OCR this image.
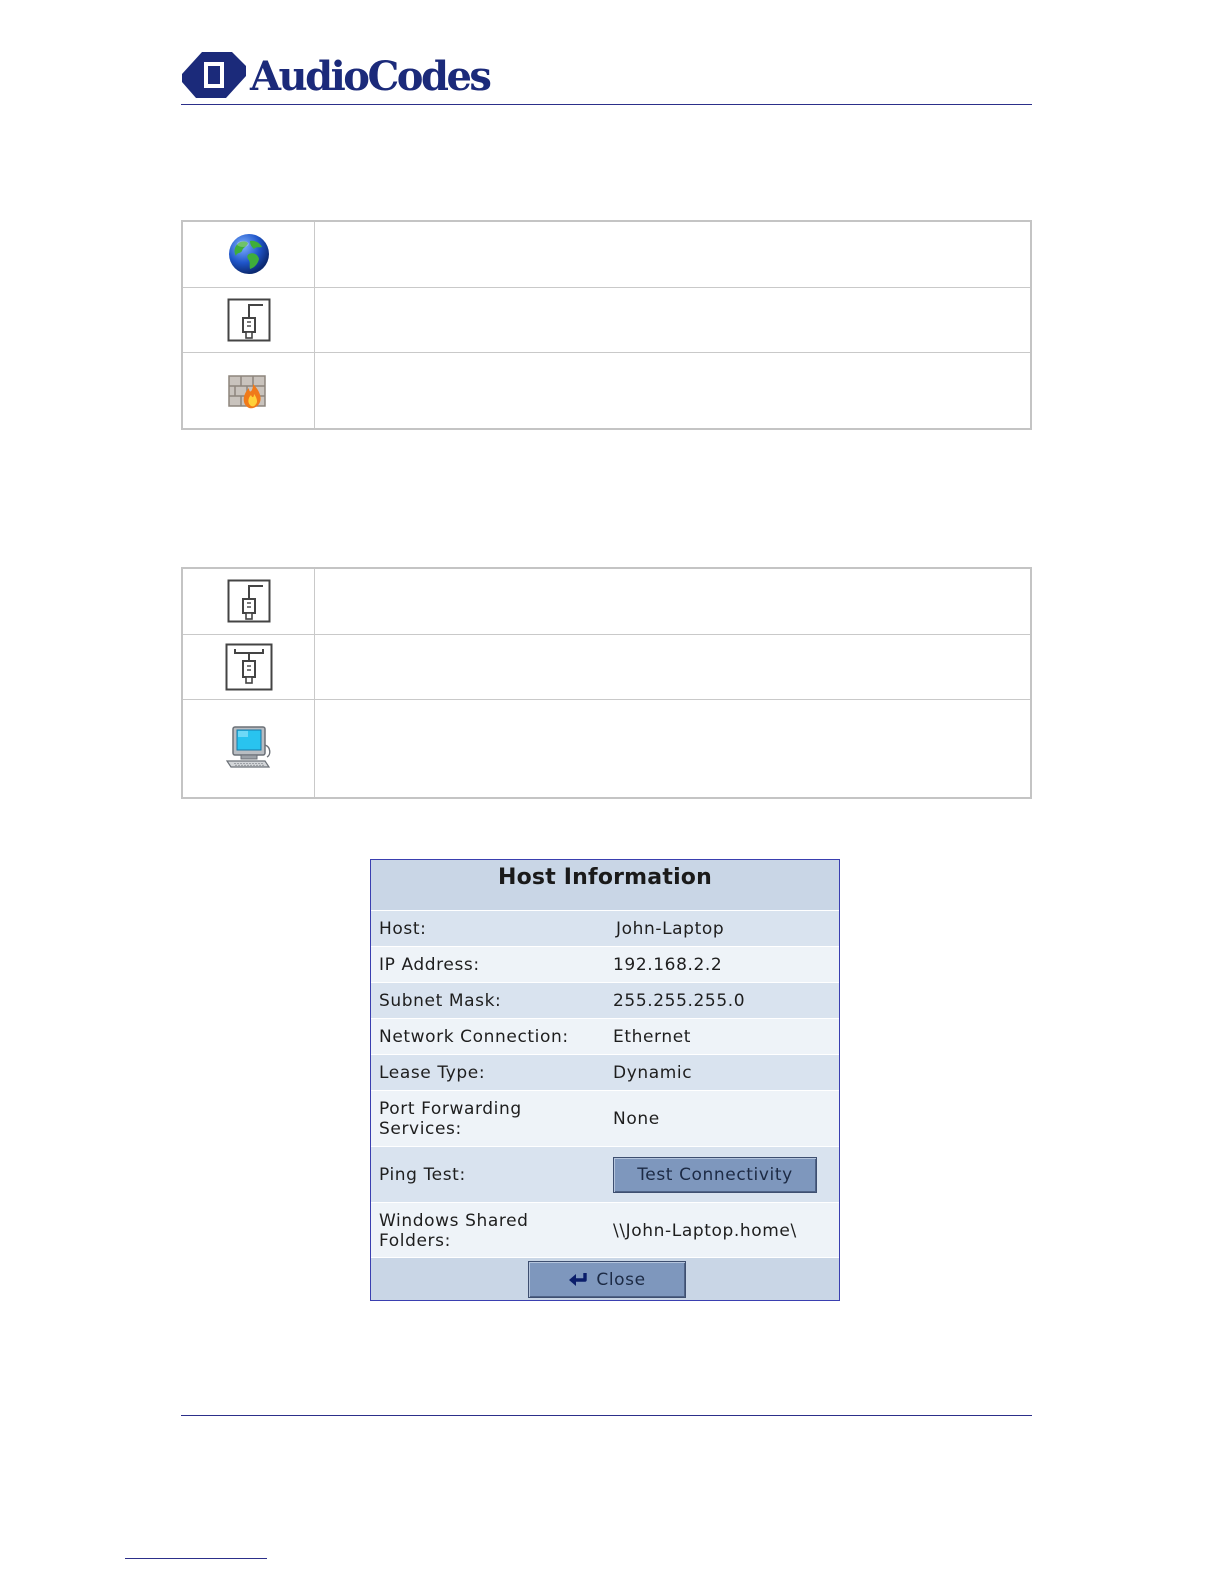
AudioCodes

Host Information
Host:	John-Laptop
IP Address:	192.168.2.2
Subnet Mask:	255.255.255.0
Network Connection:	Ethernet
Lease Type:	Dynamic
Port Forwarding Services:	None
Ping Test:	Test Connectivity
Windows Shared Folders:	\\John-Laptop.home\
Close
